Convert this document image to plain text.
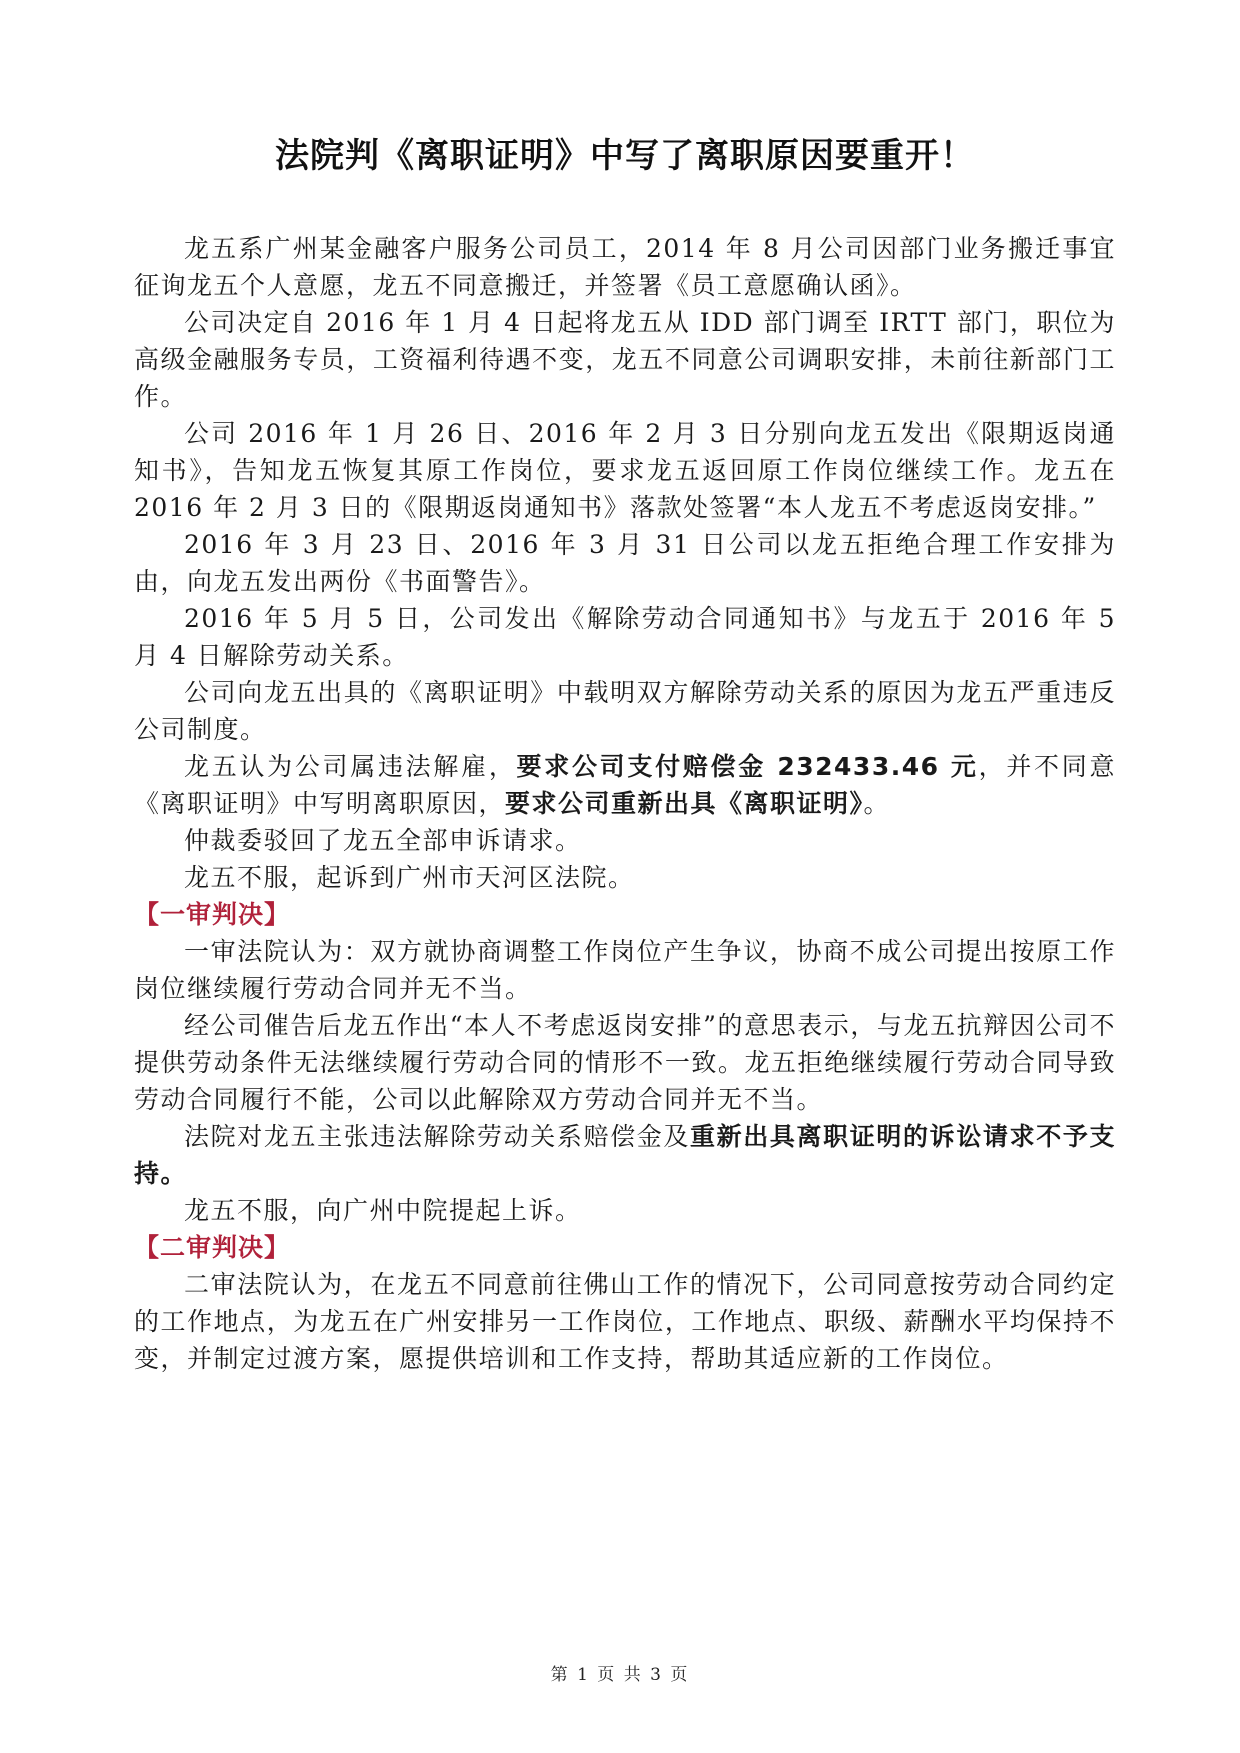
法院判《离职证明》中写了离职原因要重开！

龙五系广州某金融客户服务公司员工，2014 年 8 月公司因部门业务搬迁事宜征询龙五个人意愿，龙五不同意搬迁，并签署《员工意愿确认函》。

公司决定自 2016 年 1 月 4 日起将龙五从 IDD 部门调至 IRTT 部门，职位为高级金融服务专员，工资福利待遇不变，龙五不同意公司调职安排，未前往新部门工作。

公司 2016 年 1 月 26 日、2016 年 2 月 3 日分别向龙五发出《限期返岗通知书》，告知龙五恢复其原工作岗位，要求龙五返回原工作岗位继续工作。龙五在 2016 年 2 月 3 日的《限期返岗通知书》落款处签署“本人龙五不考虑返岗安排。”

2016 年 3 月 23 日、2016 年 3 月 31 日公司以龙五拒绝合理工作安排为由，向龙五发出两份《书面警告》。

2016 年 5 月 5 日，公司发出《解除劳动合同通知书》与龙五于 2016 年 5 月 4 日解除劳动关系。

公司向龙五出具的《离职证明》中载明双方解除劳动关系的原因为龙五严重违反公司制度。

龙五认为公司属违法解雇，要求公司支付赔偿金 232433.46 元，并不同意《离职证明》中写明离职原因，要求公司重新出具《离职证明》。

仲裁委驳回了龙五全部申诉请求。

龙五不服，起诉到广州市天河区法院。

【一审判决】

一审法院认为：双方就协商调整工作岗位产生争议，协商不成公司提出按原工作岗位继续履行劳动合同并无不当。

经公司催告后龙五作出“本人不考虑返岗安排”的意思表示，与龙五抗辩因公司不提供劳动条件无法继续履行劳动合同的情形不一致。龙五拒绝继续履行劳动合同导致劳动合同履行不能，公司以此解除双方劳动合同并无不当。

法院对龙五主张违法解除劳动关系赔偿金及重新出具离职证明的诉讼请求不予支持。

龙五不服，向广州中院提起上诉。

【二审判决】

二审法院认为，在龙五不同意前往佛山工作的情况下，公司同意按劳动合同约定的工作地点，为龙五在广州安排另一工作岗位，工作地点、职级、薪酬水平均保持不变，并制定过渡方案，愿提供培训和工作支持，帮助其适应新的工作岗位。

第 1 页 共 3 页
